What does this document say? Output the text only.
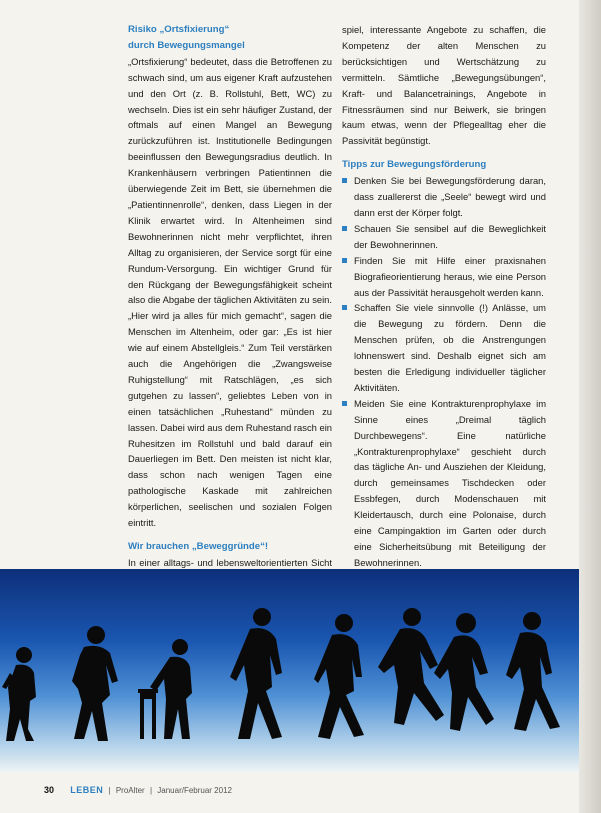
Risiko „Ortsfixierung“
durch Bewegungsmangel

„Ortsfixierung“ bedeutet, dass die Betroffenen zu schwach sind, um aus eigener Kraft aufzustehen und den Ort (z. B. Rollstuhl, Bett, WC) zu wechseln. Dies ist ein sehr häufiger Zustand, der oftmals auf einen Mangel an Bewegung zurückzuführen ist. Institutionelle Bedingungen beeinflussen den Bewegungsradius deutlich. In Krankenhäusern verbringen Patientinnen die überwiegende Zeit im Bett, sie übernehmen die „Patientinnenrolle“, denken, dass Liegen in der Klinik erwartet wird. In Altenheimen sind Bewohnerinnen nicht mehr verpflichtet, ihren Alltag zu organisieren, der Service sorgt für eine Rundum-Versorgung. Ein wichtiger Grund für den Rückgang der Bewegungsfähigkeit scheint also die Abgabe der täglichen Aktivitäten zu sein. „Hier wird ja alles für mich gemacht“, sagen die Menschen im Altenheim, oder gar: „Es ist hier wie auf einem Abstellgleis.“ Zum Teil verstärken auch die Angehörigen die „Zwangsweise Ruhigstellung“ mit Ratschlägen, „es sich gutgehen zu lassen“, geliebtes Leben von in einen tatsächlichen „Ruhestand“ münden zu lassen. Dabei wird aus dem Ruhestand rasch ein Ruhesitzen im Rollstuhl und bald darauf ein Dauerliegen im Bett. Den meisten ist nicht klar, dass schon nach wenigen Tagen eine pathologische Kaskade mit zahlreichen körperlichen, seelischen und sozialen Folgen eintritt.

Wir brauchen „Beweggründe“!

In einer alltags- und lebensweltorientierten Sicht

spiel, interessante Angebote zu schaffen, die Kompetenz der alten Menschen zu berücksichtigen und Wertschätzung zu vermitteln. Sämtliche „Bewegungsübungen“, Kraft- und Balancetrainings, Angebote in Fitnessräumen sind nur Beiwerk, sie bringen kaum etwas, wenn der Pflegealltag eher die Passivität begünstigt.

Tipps zur Bewegungsförderung
Denken Sie bei Bewegungsförderung daran, dass zuallererst die „Seele“ bewegt wird und dann erst der Körper folgt.
Schauen Sie sensibel auf die Beweglichkeit der Bewohnerinnen.
Finden Sie mit Hilfe einer praxisnahen Biografieorientierung heraus, wie eine Person aus der Passivität herausgeholt werden kann.
Schaffen Sie viele sinnvolle (!) Anlässe, um die Bewegung zu fördern. Denn die Menschen prüfen, ob die Anstrengungen lohnenswert sind. Deshalb eignet sich am besten die Erledigung individueller täglicher Aktivitäten.
Meiden Sie eine Kontrakturenprophylaxe im Sinne eines „Dreimal täglich Durchbewegens“. Eine natürliche „Kontrakturenprophylaxe“ geschieht durch das tägliche An- und Ausziehen der Kleidung, durch gemeinsames Tischdecken oder Essbfegen, durch Modenschauen mit Kleidertausch, durch eine Polonaise, durch eine Campingaktion im Garten oder durch eine Sicherheitsübung mit Beteiligung der Bewohnerinnen.
30 LEBEN | ProAlter | Januar/Februar 2012
